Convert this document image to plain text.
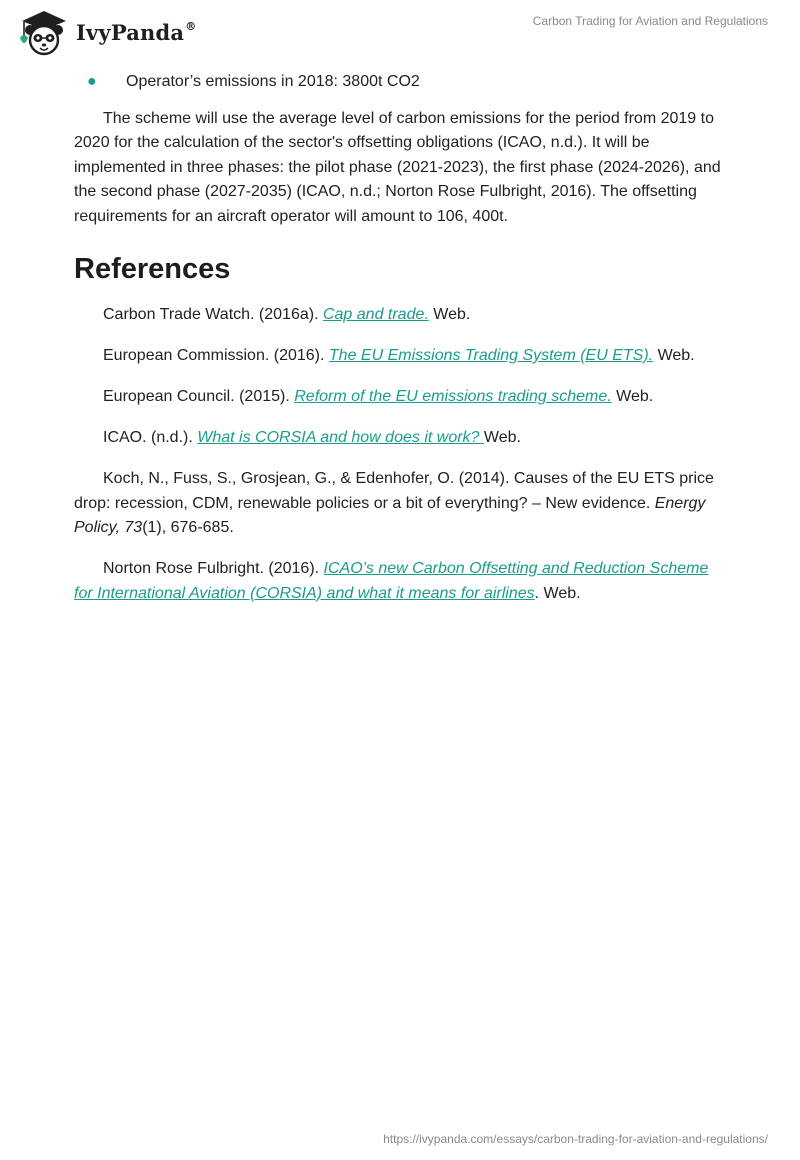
IvyPanda®	Carbon Trading for Aviation and Regulations
● Operator’s emissions in 2018: 3800t CO2

The scheme will use the average level of carbon emissions for the period from 2019 to 2020 for the calculation of the sector's offsetting obligations (ICAO, n.d.). It will be implemented in three phases: the pilot phase (2021-2023), the first phase (2024-2026), and the second phase (2027-2035) (ICAO, n.d.; Norton Rose Fulbright, 2016). The offsetting requirements for an aircraft operator will amount to 106, 400t.

References

Carbon Trade Watch. (2016a). Cap and trade. Web.

European Commission. (2016). The EU Emissions Trading System (EU ETS). Web.

European Council. (2015). Reform of the EU emissions trading scheme. Web.

ICAO. (n.d.). What is CORSIA and how does it work? Web.

Koch, N., Fuss, S., Grosjean, G., & Edenhofer, O. (2014). Causes of the EU ETS price drop: recession, CDM, renewable policies or a bit of everything? – New evidence. Energy Policy, 73(1), 676-685.

Norton Rose Fulbright. (2016). ICAO’s new Carbon Offsetting and Reduction Scheme for International Aviation (CORSIA) and what it means for airlines. Web.

https://ivypanda.com/essays/carbon-trading-for-aviation-and-regulations/
